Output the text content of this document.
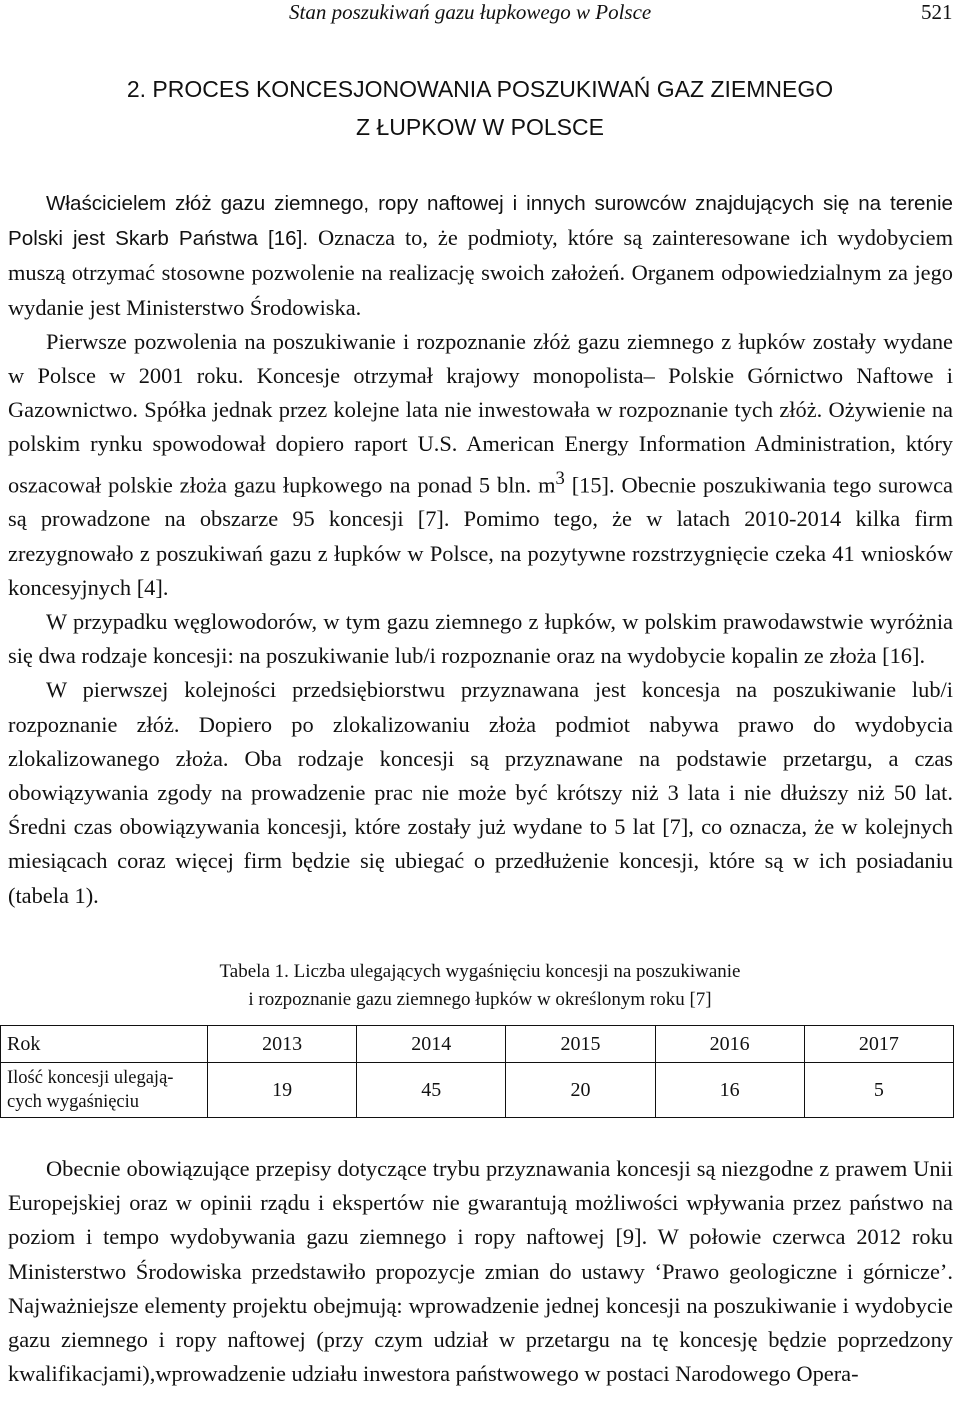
Stan poszukiwań gazu łupkowego w Polsce	521
2. PROCES KONCESJONOWANIA POSZUKIWAŃ GAZ ZIEMNEGO
Z ŁUPKOW W POLSCE

Właścicielem złóż gazu ziemnego, ropy naftowej i innych surowców znajdujących się na terenie Polski jest Skarb Państwa [16]. Oznacza to, że podmioty, które są zainteresowane ich wydobyciem muszą otrzymać stosowne pozwolenie na realizację swoich założeń. Organem odpowiedzialnym za jego wydanie jest Ministerstwo Środowiska.

Pierwsze pozwolenia na poszukiwanie i rozpoznanie złóż gazu ziemnego z łupków zostały wydane w Polsce w 2001 roku. Koncesje otrzymał krajowy monopolista– Polskie Górnictwo Naftowe i Gazownictwo. Spółka jednak przez kolejne lata nie inwestowała w rozpoznanie tych złóż. Ożywienie na polskim rynku spowodował dopiero raport U.S. American Energy Information Administration, który oszacował polskie złoża gazu łupkowego na ponad 5 bln. $m^3$ [15]. Obecnie poszukiwania tego surowca są prowadzone na obszarze 95 koncesji [7]. Pomimo tego, że w latach 2010-2014 kilka firm zrezygnowało z poszukiwań gazu z łupków w Polsce, na pozytywne rozstrzygnięcie czeka 41 wniosków koncesyjnych [4].

W przypadku węglowodorów, w tym gazu ziemnego z łupków, w polskim prawodawstwie wyróżnia się dwa rodzaje koncesji: na poszukiwanie lub/i rozpoznanie oraz na wydobycie kopalin ze złoża [16].

W pierwszej kolejności przedsiębiorstwu przyznawana jest koncesja na poszukiwanie lub/i rozpoznanie złóż. Dopiero po zlokalizowaniu złoża podmiot nabywa prawo do wydobycia zlokalizowanego złoża. Oba rodzaje koncesji są przyznawane na podstawie przetargu, a czas obowiązywania zgody na prowadzenie prac nie może być krótszy niż 3 lata i nie dłuższy niż 50 lat. Średni czas obowiązywania koncesji, które zostały już wydane to 5 lat [7], co oznacza, że w kolejnych miesiącach coraz więcej firm będzie się ubiegać o przedłużenie koncesji, które są w ich posiadaniu (tabela 1).

Tabela 1. Liczba ulegających wygaśnięciu koncesji na poszukiwanie
i rozpoznanie gazu ziemnego łupków w określonym roku [7]
Rok	2013	2014	2015	2016	2017
Ilość koncesji ulegają-
cych wygaśnięciu	19	45	20	16	5

Obecnie obowiązujące przepisy dotyczące trybu przyznawania koncesji są niezgodne z prawem Unii Europejskiej oraz w opinii rządu i ekspertów nie gwarantują możliwości wpływania przez państwo na poziom i tempo wydobywania gazu ziemnego i ropy naftowej [9]. W połowie czerwca 2012 roku Ministerstwo Środowiska przedstawiło propozycje zmian do ustawy ‘Prawo geologiczne i górnicze’. Najważniejsze elementy projektu obejmują: wprowadzenie jednej koncesji na poszukiwanie i wydobycie gazu ziemnego i ropy naftowej (przy czym udział w przetargu na tę koncesję będzie poprzedzony kwalifikacjami),wprowadzenie udziału inwestora państwowego w postaci Narodowego Opera-
